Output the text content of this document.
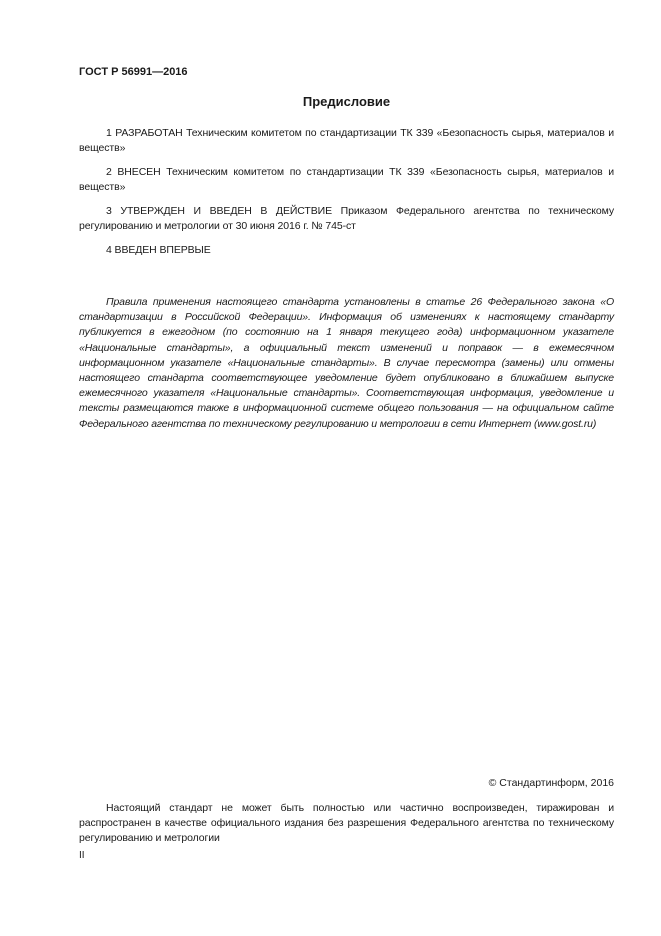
ГОСТ Р 56991—2016
Предисловие
1 РАЗРАБОТАН Техническим комитетом по стандартизации ТК 339 «Безопасность сырья, материалов и веществ»
2 ВНЕСЕН Техническим комитетом по стандартизации ТК 339 «Безопасность сырья, материалов и веществ»
3 УТВЕРЖДЕН И ВВЕДЕН В ДЕЙСТВИЕ Приказом Федерального агентства по техническому регулированию и метрологии от 30 июня 2016 г. № 745-ст
4 ВВЕДЕН ВПЕРВЫЕ
Правила применения настоящего стандарта установлены в статье 26 Федерального закона «О стандартизации в Российской Федерации». Информация об изменениях к настоящему стандарту публикуется в ежегодном (по состоянию на 1 января текущего года) информационном указателе «Национальные стандарты», а официальный текст изменений и поправок — в ежемесячном информационном указателе «Национальные стандарты». В случае пересмотра (замены) или отмены настоящего стандарта соответствующее уведомление будет опубликовано в ближайшем выпуске ежемесячного указателя «Национальные стандарты». Соответствующая информация, уведомление и тексты размещаются также в информационной системе общего пользования — на официальном сайте Федерального агентства по техническому регулированию и метрологии в сети Интернет (www.gost.ru)
© Стандартинформ, 2016
Настоящий стандарт не может быть полностью или частично воспроизведен, тиражирован и распространен в качестве официального издания без разрешения Федерального агентства по техническому регулированию и метрологии
II
